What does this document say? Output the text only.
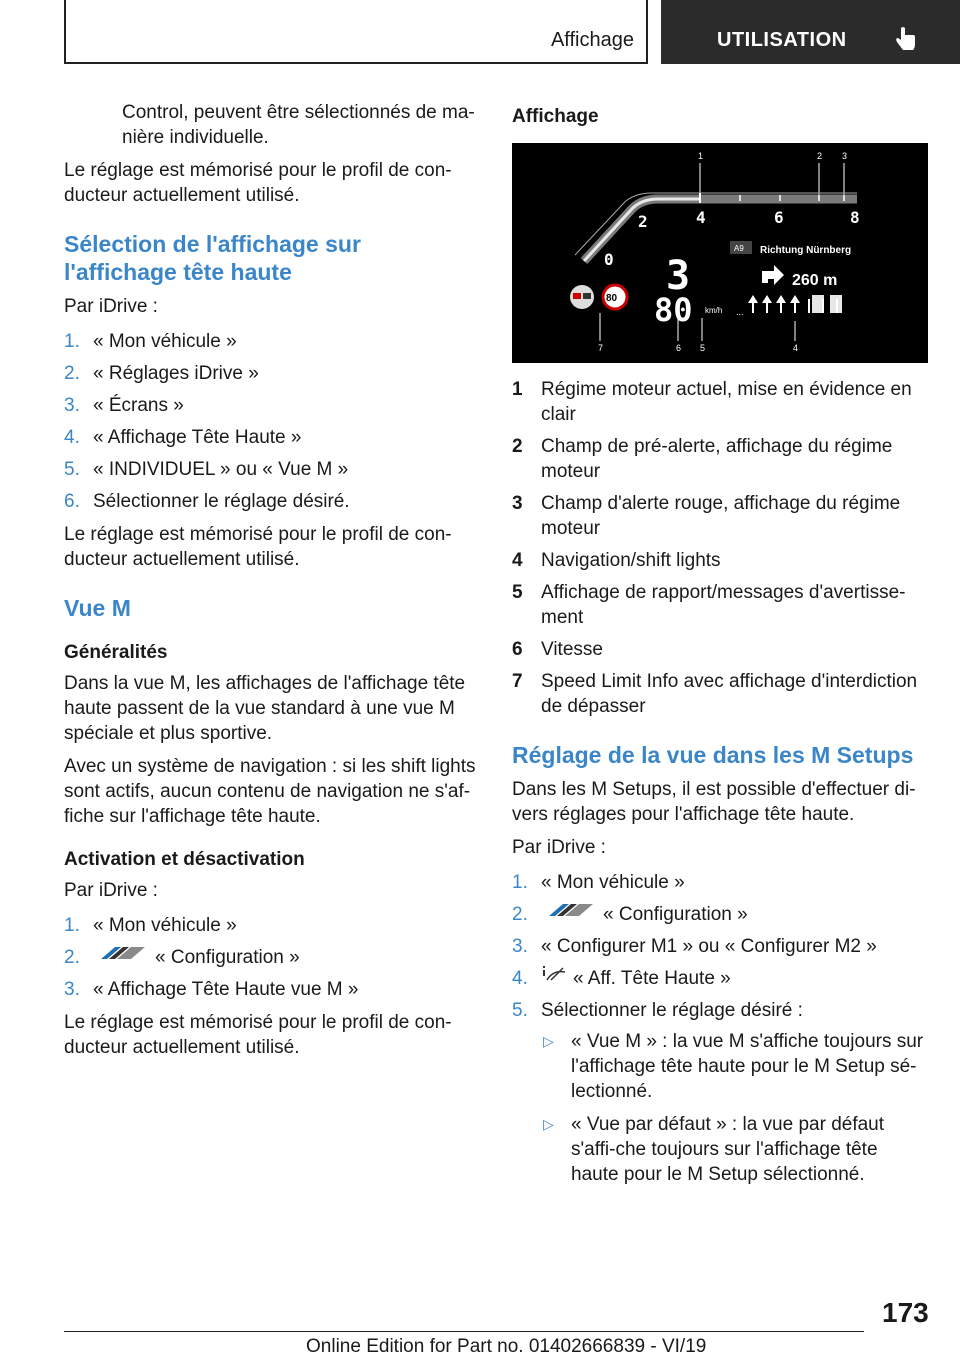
Affichage	UTILISATION

Control, peuvent être sélectionnés de ma-nière individuelle.

Le réglage est mémorisé pour le profil de con-ducteur actuellement utilisé.

Sélection de l'affichage sur l'affichage tête haute

Par iDrive :

1. « Mon véhicule »
2. « Réglages iDrive »
3. « Écrans »
4. « Affichage Tête Haute »
5. « INDIVIDUEL » ou « Vue M »
6. Sélectionner le réglage désiré.

Le réglage est mémorisé pour le profil de con-ducteur actuellement utilisé.

Vue M
Généralités

Dans la vue M, les affichages de l'affichage tête haute passent de la vue standard à une vue M spéciale et plus sportive.

Avec un système de navigation : si les shift lights sont actifs, aucun contenu de navigation ne s'af-fiche sur l'affichage tête haute.

Activation et désactivation

Par iDrive :

1. « Mon véhicule »
2.	« Configuration »
3. « Affichage Tête Haute vue M »

Le réglage est mémorisé pour le profil de con-ducteur actuellement utilisé.

Affichage
1	2 3
7	6 5	4
0
2	4	6	8
3
80 km/h
80
A9 Richtung Nürnberg
260 m
...
1 Régime moteur actuel, mise en évidence en clair
2 Champ de pré-alerte, affichage du régime moteur
3 Champ d'alerte rouge, affichage du régime moteur
4 Navigation/shift lights
5 Affichage de rapport/messages d'avertisse-ment
6 Vitesse
7 Speed Limit Info avec affichage d'interdiction de dépasser
Réglage de la vue dans les M Setups

Dans les M Setups, il est possible d'effectuer di-vers réglages pour l'affichage tête haute.

Par iDrive :

1. « Mon véhicule »
2.	« Configuration »
3. « Configurer M1 » ou « Configurer M2 »
4. « Aff. Tête Haute »
5. Sélectionner le réglage désiré :
▷ « Vue M » : la vue M s'affiche toujours sur l'affichage tête haute pour le M Setup sé-lectionné.
▷ « Vue par défaut » : la vue par défaut s'affi-che toujours sur l'affichage tête haute pour le M Setup sélectionné.
173
Online Edition for Part no. 01402666839 - VI/19
